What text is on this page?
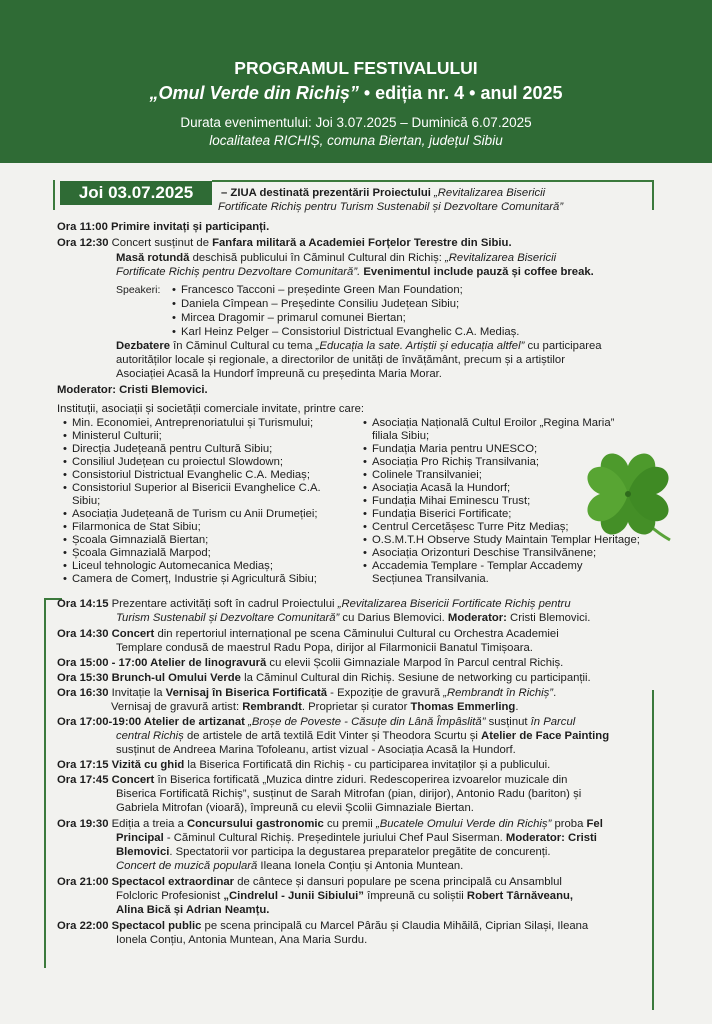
PROGRAMUL FESTIVALULUI
„Omul Verde din Richiș” • ediția nr. 4 • anul 2025
Durata evenimentului: Joi 3.07.2025 – Duminică 6.07.2025
localitatea RICHIȘ, comuna Biertan, județul Sibiu
Joi 03.07.2025	– ZIUA destinată prezentării Proiectului „Revitalizarea Bisericii
Fortificate Richiș pentru Turism Sustenabil și Dezvoltare Comunitară”
Ora 11:00 Primire invitați și participanți.
Ora 12:30 Concert susținut de Fanfara militară a Academiei Forțelor Terestre din Sibiu.
Masă rotundă deschisă publicului în Căminul Cultural din Richiș: „Revitalizarea Bisericii
Fortificate Richiș pentru Dezvoltare Comunitară”. Evenimentul include pauză și coffee break.
Speakeri:
• Francesco Tacconi – președinte Green Man Foundation;
• Daniela Cîmpean – Președinte Consiliu Județean Sibiu;
• Mircea Dragomir – primarul comunei Biertan;
• Karl Heinz Pelger – Consistoriul Districtual Evanghelic C.A. Mediaș.
Dezbatere în Căminul Cultural cu tema „Educația la sate. Artiștii și educația altfel” cu participarea
autorităților locale și regionale, a directorilor de unități de învățământ, precum și a artiștilor
Asociației Acasă la Hundorf împreună cu președinta Maria Morar.
Moderator: Cristi Blemovici.
Instituții, asociații și societății comerciale invitate, printre care:
• Min. Economiei, Antreprenoriatului și Turismului;
• Ministerul Culturii;
• Direcția Județeană pentru Cultură Sibiu;
• Consiliul Județean cu proiectul Slowdown;
• Consistoriul Districtual Evanghelic C.A. Mediaș;
• Consistoriul Superior al Bisericii Evanghelice C.A.
Sibiu;
• Asociația Județeană de Turism cu Anii Drumeției;
• Filarmonica de Stat Sibiu;
• Școala Gimnazială Biertan;
• Școala Gimnazială Marpod;
• Liceul tehnologic Automecanica Mediaș;
• Camera de Comerț, Industrie și Agricultură Sibiu;
• Asociația Națională Cultul Eroilor „Regina Maria”
filiala Sibiu;
• Fundația Maria pentru UNESCO;
• Asociația Pro Richiș Transilvania;
• Colinele Transilvaniei;
• Asociația Acasă la Hundorf;
• Fundația Mihai Eminescu Trust;
• Fundația Biserici Fortificate;
• Centrul Cercetășesc Turre Pitz Mediaș;
• O.S.M.T.H Observe Study Maintain Templar Heritage;
• Asociația Orizonturi Deschise Transilvănene;
• Accademia Templare - Templar Accademy
Secțiunea Transilvania.
Ora 14:15 Prezentare activități soft în cadrul Proiectului „Revitalizarea Bisericii Fortificate Richiș pentru
Turism Sustenabil și Dezvoltare Comunitară” cu Darius Blemovici. Moderator: Cristi Blemovici.
Ora 14:30 Concert din repertoriul internațional pe scena Căminului Cultural cu Orchestra Academiei
Templare condusă de maestrul Radu Popa, dirijor al Filarmonicii Banatul Timișoara.
Ora 15:00 - 17:00 Atelier de linogravură cu elevii Școlii Gimnaziale Marpod în Parcul central Richiș.
Ora 15:30 Brunch-ul Omului Verde la Căminul Cultural din Richiș. Sesiune de networking cu participanții.
Ora 16:30 Invitație la Vernisaj în Biserica Fortificată - Expoziție de gravură „Rembrandt în Richiș”.
Vernisaj de gravură artist: Rembrandt. Proprietar și curator Thomas Emmerling.
Ora 17:00-19:00 Atelier de artizanat „Broșe de Poveste - Căsuțe din Lână Împâslită” susținut în Parcul
central Richiș de artistele de artă textilă Edit Vinter și Theodora Scurtu și Atelier de Face Painting
susținut de Andreea Marina Tofoleanu, artist vizual - Asociația Acasă la Hundorf.
Ora 17:15 Vizită cu ghid la Biserica Fortificată din Richiș - cu participarea invitaților și a publicului.
Ora 17:45 Concert în Biserica fortificată „Muzica dintre ziduri. Redescoperirea izvoarelor muzicale din
Biserica Fortificată Richiș”, susținut de Sarah Mitrofan (pian, dirijor), Antonio Radu (bariton) și
Gabriela Mitrofan (vioară), împreună cu elevii Școlii Gimnaziale Biertan.
Ora 19:30 Ediția a treia a Concursului gastronomic cu premii „Bucatele Omului Verde din Richiș” proba Fel
Principal - Căminul Cultural Richiș. Președintele juriului Chef Paul Siserman. Moderator: Cristi
Blemovici. Spectatorii vor participa la degustarea preparatelor pregătite de concurenți.
Concert de muzică populară Ileana Ionela Conțiu și Antonia Muntean.
Ora 21:00 Spectacol extraordinar de cântece și dansuri populare pe scena principală cu Ansamblul
Folcloric Profesionist „Cindrelul - Junii Sibiului” împreună cu soliștii Robert Târnăveanu,
Alina Bică și Adrian Neamțu.
Ora 22:00 Spectacol public pe scena principală cu Marcel Pârău și Claudia Mihăilă, Ciprian Silași, Ileana
Ionela Conțiu, Antonia Muntean, Ana Maria Surdu.
